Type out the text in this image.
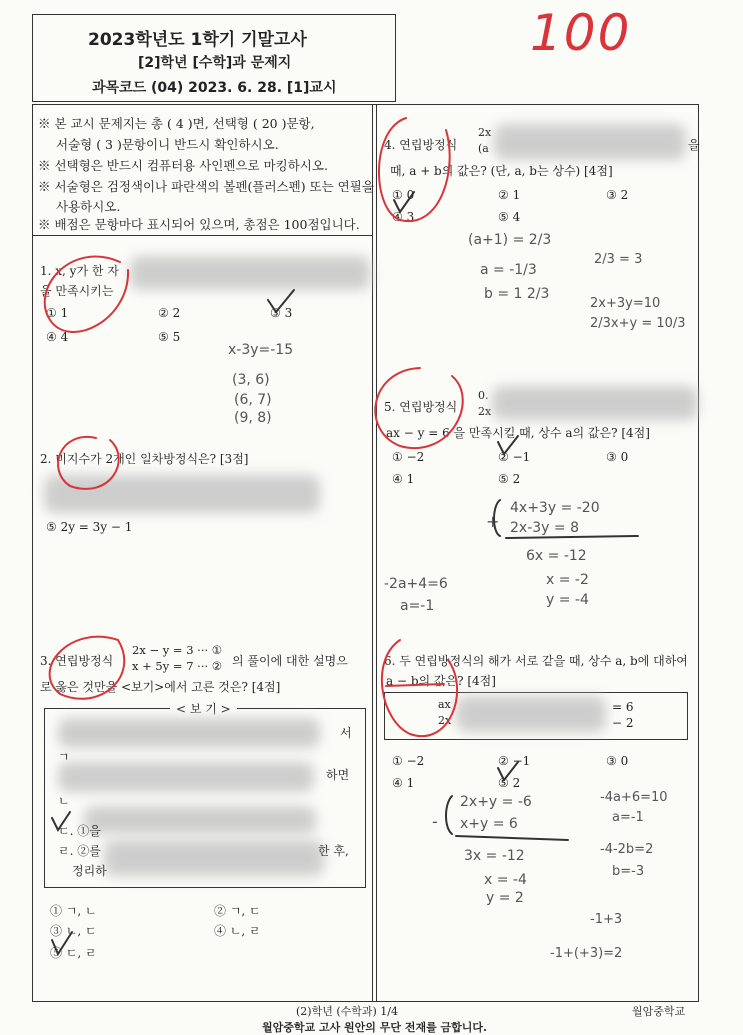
2023학년도 1학기 기말고사
[2]학년 [수학]과 문제지
과목코드 (04) 2023. 6. 28. [1]교시
100
※ 본 교시 문제지는 총 ( 4 )면, 선택형 ( 20 )문항,
서술형 ( 3 )문항이니 반드시 확인하시오.
※ 선택형은 반드시 컴퓨터용 사인펜으로 마킹하시오.
※ 서술형은 검정색이나 파란색의 볼펜(플러스펜) 또는 연필을
사용하시오.
※ 배점은 문항마다 표시되어 있으며, 총점은 100점입니다.
1. x, y가 한 자
을 만족시키는
① 1	② 2	③ 3
④ 4	⑤ 5
x-3y=-15
(3, 6)
(6, 7)
(9, 8)
2. 미지수가 2개인 일차방정식은? [3점]
⑤ 2y = 3y − 1
3. 연립방정식
2x − y = 3 ··· ①
x + 5y = 7 ··· ② 의 풀이에 대한 설명으
로 옳은 것만을 <보기>에서 고른 것은? [4점]
< 보 기 >
ㄱ
ㄴ
ㄷ. ①을
ㄹ. ②를
정리하
서
하면
한 후,
① ㄱ, ㄴ	② ㄱ, ㄷ
③ ㄴ, ㄷ	④ ㄴ, ㄹ
⑤ ㄷ, ㄹ
4. 연립방정식
2x
(a	을
때, a + b의 값은? (단, a, b는 상수) [4점]
① 0	② 1	③ 2
④ 3	⑤ 4
(a+1) = 2/3
a = -1/3
b = 1 2/3
2/3 = 3
2x+3y=10
2/3x+y = 10/3
5. 연립방정식
0.
2x
ax − y = 6 을 만족시킬 때, 상수 a의 값은? [4점]
① −2	② −1	③ 0
④ 1	⑤ 2
+
4x+3y = -20
2x-3y = 8
6x = -12
x = -2
y = -4
-2a+4=6
a=-1
6. 두 연립방정식의 해가 서로 같을 때, 상수 a, b에 대하여
a − b의 값은? [4점]
ax
2x
= 6
− 2
① −2	② −1	③ 0
④ 1	⑤ 2
-
2x+y = -6
x+y = 6
3x = -12
x = -4
y = 2
-4a+6=10
a=-1
-4-2b=2
b=-3
-1+3
-1+(+3)=2
(2)학년 (수학과) 1/4	월암중학교
월암중학교 고사 원안의 무단 전재를 금합니다.
